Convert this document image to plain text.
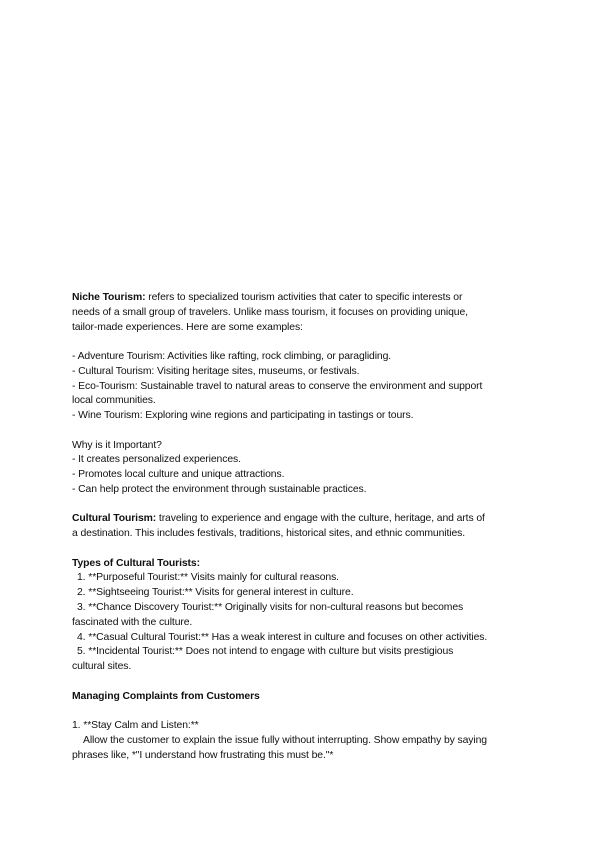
Niche Tourism: refers to specialized tourism activities that cater to specific interests or
needs of a small group of travelers. Unlike mass tourism, it focuses on providing unique,
tailor-made experiences. Here are some examples:
- Adventure Tourism: Activities like rafting, rock climbing, or paragliding.
- Cultural Tourism: Visiting heritage sites, museums, or festivals.
- Eco-Tourism: Sustainable travel to natural areas to conserve the environment and support
local communities.
- Wine Tourism: Exploring wine regions and participating in tastings or tours.
Why is it Important?
- It creates personalized experiences.
- Promotes local culture and unique attractions.
- Can help protect the environment through sustainable practices.
Cultural Tourism: traveling to experience and engage with the culture, heritage, and arts of
a destination. This includes festivals, traditions, historical sites, and ethnic communities.
Types of Cultural Tourists:
1. **Purposeful Tourist:** Visits mainly for cultural reasons.
2. **Sightseeing Tourist:** Visits for general interest in culture.
3. **Chance Discovery Tourist:** Originally visits for non-cultural reasons but becomes
fascinated with the culture.
4. **Casual Cultural Tourist:** Has a weak interest in culture and focuses on other activities.
5. **Incidental Tourist:** Does not intend to engage with culture but visits prestigious
cultural sites.
Managing Complaints from Customers
1. **Stay Calm and Listen:**
Allow the customer to explain the issue fully without interrupting. Show empathy by saying
phrases like, *"I understand how frustrating this must be."*
